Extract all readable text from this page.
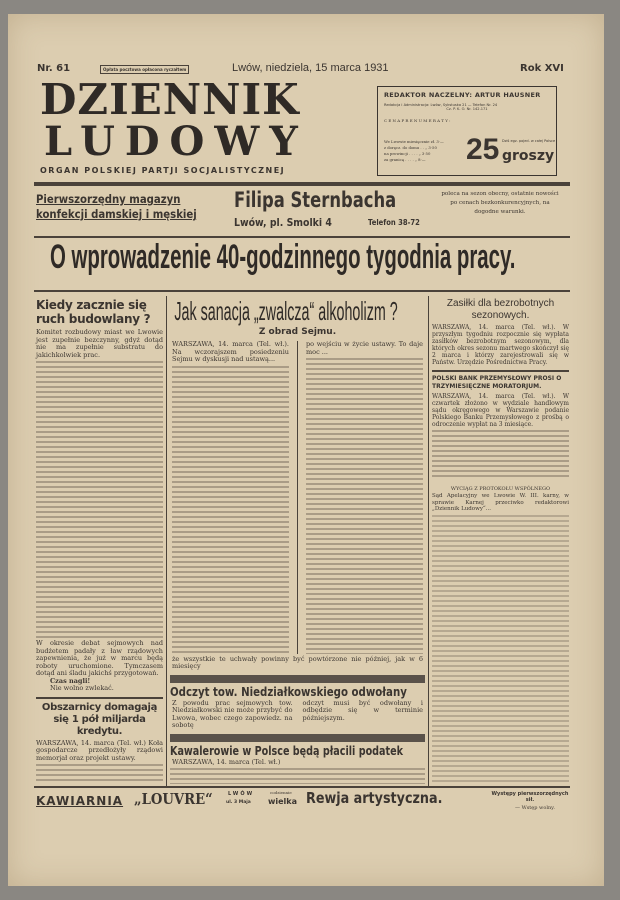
Nr. 61	Opłata pocztowa opłacona ryczałtem	Lwów, niedziela, 15 marca 1931	Rok XVI
DZIENNIK
LUDOWY
ORGAN POLSKIEJ PARTJI SOCJALISTYCZNEJ
REDAKTOR NACZELNY: ARTUR HAUSNER
Redakcja i Administracja: Lwów, Sykstuska 21 — Telefon Nr. 24
Cz. P. K. O. Nr. 142.171
C E N A P R E N U M E R A T Y :
We Lwowie miesięcznie zł. 3·—
z doręcz. do domu . . „ 3·50
na prowincji . . . . „ 3·50
za granicą . . . . „ 8·—	25 Dziś egz. pojed. w całej Polsce
groszy
Pierwszorzędny magazyn
konfekcji damskiej i męskiej
Filipa Sternbacha
Lwów, pl. Smolki 4	Telefon 38-72
poleca na sezon obecny, ostatnie nowości po cenach bezkonkurencyjnych, na dogodne warunki.
O wprowadzenie 40-godzinnego tygodnia pracy.
Kiedy zacznie się ruch budowlany ?
Komitet rozbudowy miast we Lwowie jest zupełnie bezczynny, gdyż dotąd nie ma zupełnie substratu do jakichkolwiek prac.
W okresie debat sejmowych nad budżetem padały z ław rządowych zapewnienia, że już w marcu będą roboty uruchomione. Tymczasem dotąd ani śladu jakichś przygotowań.
Czas nagli!
Nie wolno zwlekać.
Obszarnicy domagają się 1 pół miljarda kredytu.
WARSZAWA, 14. marca (Tel. wł.) Koła gospodarcze przedłożyły rządowi memorjał oraz projekt ustawy.
Jak sanacja „zwalcza“ alkoholizm ?
Z obrad Sejmu.
WARSZAWA, 14. marca (Tel. wł.). Na wczorajszem posiedzeniu Sejmu w dyskusji nad ustawą...
po wejściu w życie ustawy. To daje moc ...
że wszystkie te uchwały powinny być powtórzone nie później, jak w 6 miesięcy
Odczyt tow. Niedziałkowskiego odwołany
Z powodu prac sejmowych tow. Niedziałkowski nie może przybyć do Lwowa, wobec czego zapowiedz. na sobotę
odczyt musi być odwołany i odbędzie się w terminie późniejszym.
Kawalerowie w Polsce będą płacili podatek
WARSZAWA, 14. marca (Tel. wł.)
Zasiłki dla bezrobotnych sezonowych.
WARSZAWA, 14. marca (Tel. wł.). W przyszłym tygodniu rozpocznie się wypłata zasiłków bezrobotnym sezonowym, dla których okres sezonu martwego skończył się 2 marca i którzy zarejestrowali się w Państw. Urzędzie Pośrednictwa Pracy.
POLSKI BANK PRZEMYSŁOWY PROSI O TRZYMIESIĘCZNE MORATORJUM.
WARSZAWA, 14. marca (Tel. wł.). W czwartek złożono w wydziale handlowym sądu okręgowego w Warszawie podanie Polskiego Banku Przemysłowego z prośbą o odroczenie wypłat na 3 miesiące.
WYCIĄG Z PROTOKOŁU WSPÓLNEGO
Sąd Apelacyjny we Lwowie W. III. karny, w sprawie Karnej przeciwko redaktorowi „Dziennik Ludowy“...
KAWIARNIA „LOUVRE“	LWÓW
ul. 3 Maja
codziennie
wielka Rewja artystyczna.	Występy pierwszorzędnych sił.
— Wstęp wolny.
